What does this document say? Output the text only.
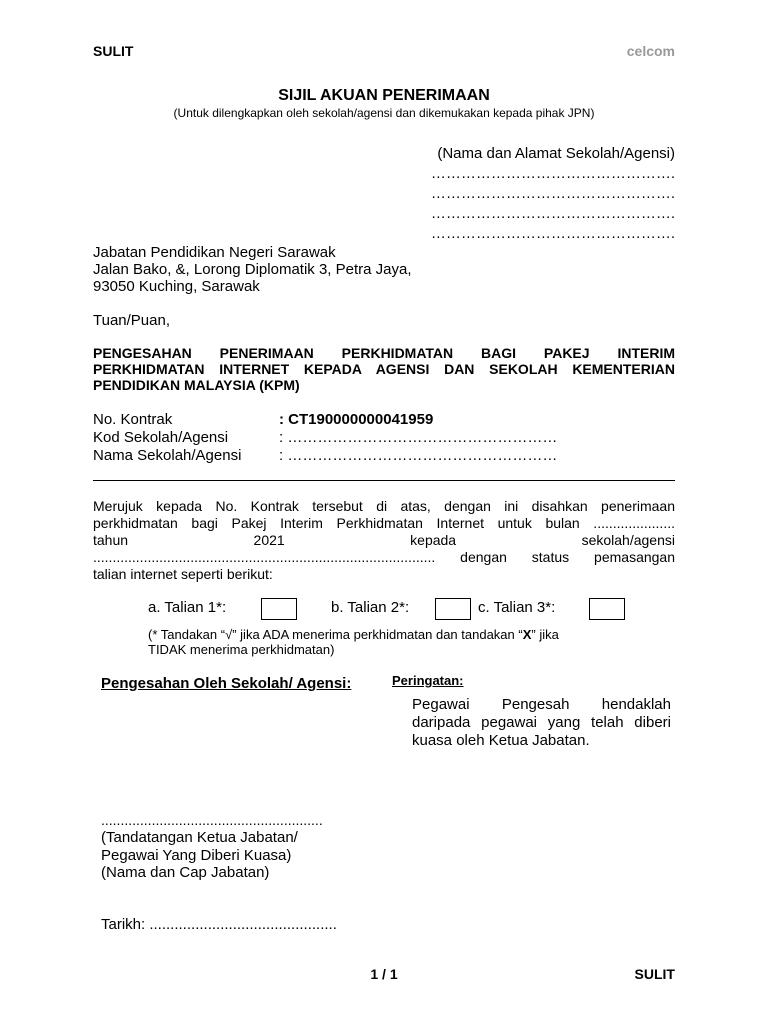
SULIT	celcom
SIJIL AKUAN PENERIMAAN
(Untuk dilengkapkan oleh sekolah/agensi dan dikemukakan kepada pihak JPN)
(Nama dan Alamat Sekolah/Agensi)
………………………………………….
………………………………………….
………………………………………….
………………………………………….
Jabatan Pendidikan Negeri Sarawak
Jalan Bako, &, Lorong Diplomatik 3, Petra Jaya,
93050 Kuching, Sarawak
Tuan/Puan,
PENGESAHAN PENERIMAAN PERKHIDMATAN BAGI PAKEJ INTERIM
PERKHIDMATAN INTERNET KEPADA AGENSI DAN SEKOLAH KEMENTERIAN
PENDIDIKAN MALAYSIA (KPM)
No. Kontrak	: CT190000000041959
Kod Sekolah/Agensi	: ………………………………………………
Nama Sekolah/Agensi	: ………………………………………………
Merujuk kepada No. Kontrak tersebut di atas, dengan ini disahkan penerimaan
perkhidmatan bagi Pakej Interim Perkhidmatan Internet untuk bulan .....................
tahun 2021 kepada sekolah/agensi
........................................................................................ dengan status pemasangan
talian internet seperti berikut:
a. Talian 1*:	b. Talian 2*:	c. Talian 3*:
(* Tandakan “√” jika ADA menerima perkhidmatan dan tandakan “X” jika
TIDAK menerima perkhidmatan)
Pengesahan Oleh Sekolah/ Agensi:
.........................................................
(Tandatangan Ketua Jabatan/
Pegawai Yang Diberi Kuasa)
(Nama dan Cap Jabatan)
Tarikh: .............................................
Peringatan:
Pegawai Pengesah hendaklah
daripada pegawai yang telah diberi
kuasa oleh Ketua Jabatan.
1 / 1	SULIT
